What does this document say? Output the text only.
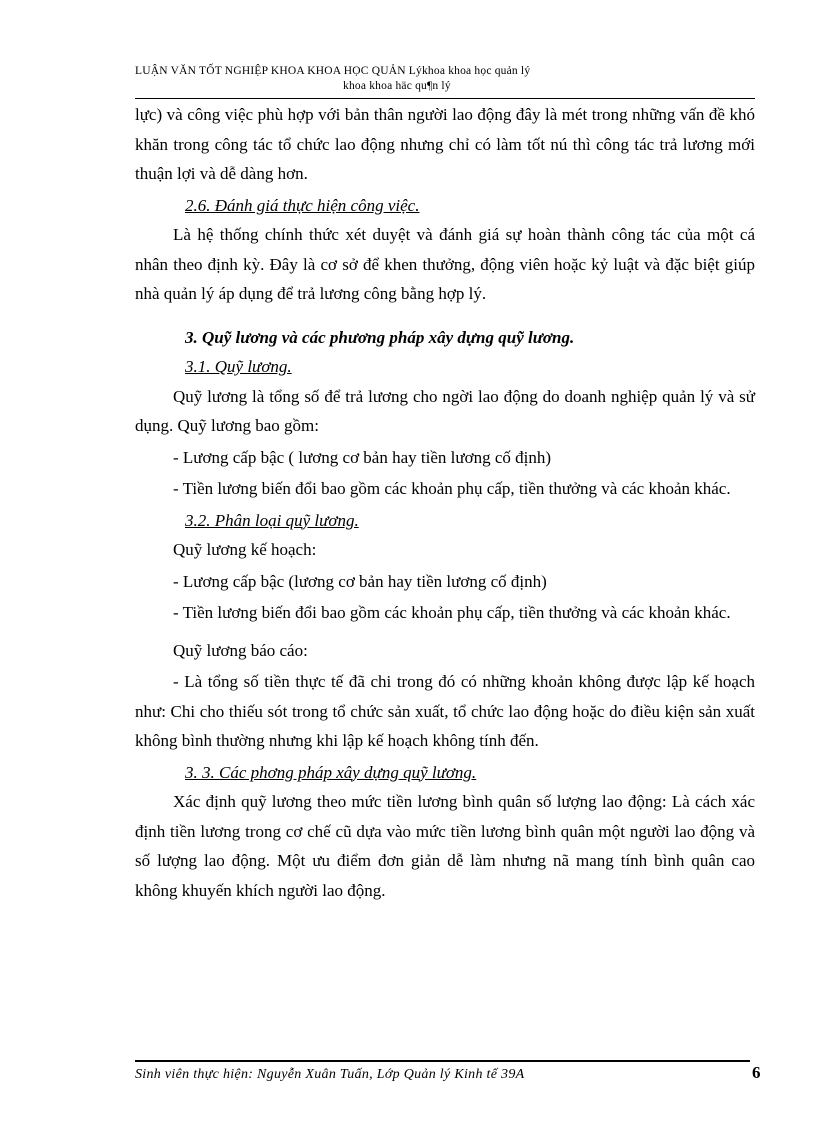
LUẬN VĂN TỐT NGHIỆP KHOA KHOA HỌC QUẢN Lýkhoa khoa học quản lý
khoa khoa häc qu¶n lý

lực) và công việc phù hợp với bản thân người lao động đây là mét trong những vấn đề khó khăn trong công tác tổ chức lao động nhưng chỉ có làm tốt nú thì công tác trả lương mới thuận lợi và dễ dàng hơn.

2.6. Đánh giá thực hiện công việc.

Là hệ thống chính thức xét duyệt và đánh giá sự hoàn thành công tác của một cá nhân theo định kỳ. Đây là cơ sở để khen thưởng, động viên hoặc kỷ luật và đặc biệt giúp nhà quản lý áp dụng để trả lương công bằng hợp lý.

3. Quỹ lương và các phương pháp xây dựng quỹ lương.

3.1. Quỹ lương.

Quỹ lương là tổng số để trả lương cho ngời lao động do doanh nghiệp quản lý và sử dụng. Quỹ lương bao gồm:

- Lương cấp bậc ( lương cơ bản hay tiền lương cố định)

- Tiền lương biến đổi bao gồm các khoản phụ cấp, tiền thưởng và các khoản khác.

3.2. Phân loại quỹ lương.

Quỹ lương kế hoạch:

- Lương cấp bậc (lương cơ bản hay tiền lương cố định)

- Tiền lương biến đổi bao gồm các khoản phụ cấp, tiền thưởng và các khoản khác.

Quỹ lương báo cáo:

- Là tổng số tiền thực tế đã chi trong đó có những khoản không được lập kế hoạch như: Chi cho thiếu sót trong tổ chức sản xuất, tổ chức lao động hoặc do điều kiện sản xuất không bình thường nhưng khi lập kế hoạch không tính đến.

3. 3. Các phơng pháp xây dựng quỹ lương.

Xác định quỹ lương theo mức tiền lương bình quân số lượng lao động: Là cách xác định tiền lương trong cơ chế cũ dựa vào mức tiền lương bình quân một người lao động và số lượng lao động. Một ưu điểm đơn giản dễ làm nhưng nã mang tính bình quân cao không khuyến khích người lao động.

Sinh viên thực hiện: Nguyễn Xuân Tuấn, Lớp Quản lý Kinh tế 39A	6
